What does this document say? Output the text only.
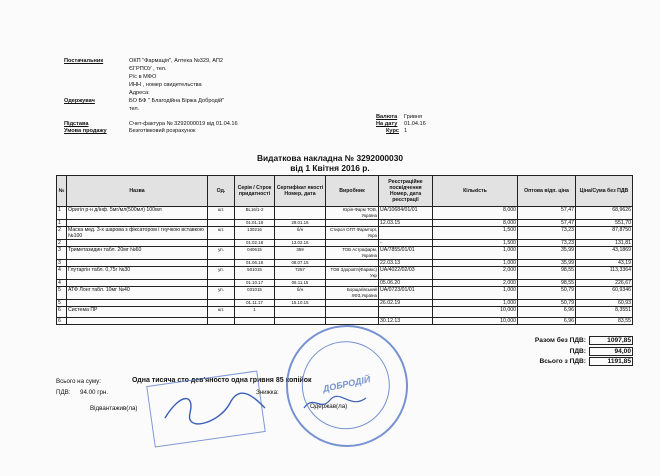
Постачальник	ОКП "Фармація", Аптека №329, АП2
ЄГРПОУ , тел.
Р/с в МФО
ИНН , номер свидетельства
Адреса:
Одержувач	БО БФ " Благодійна Біржа Добродій"
тел.
Валюта Гривня
На дату 01.04.16
Курс 1
Підстава	Счет-фактура № 3292000019 від 01.04.16
Умова продажу	Безготівковий розрахунок
Видаткова накладна № 3292000030
від 1 Квітня 2016 р.
№	Назва	Од.	Серія / Строк придатності	Сертифікат якості Номер, дата	Виробник	Реєстраційне посвідчення Номер, дата реєстрації	Кількість	Оптова відп. ціна	Ціна/Сума без ПДВ
1	Оригіл р-н д/інф. 5мг/мл(500мл) 100мл	шт.	BL16/1-2		Юрія-Фарм ТОВ, Україна	UA/10684/01/01	8,000	57,47	68,9626
1			01.01.18	29.01.16		12.03.15	8,000	57,47	551,70
2	Маска мед. 3-х шарова з фіксатором і гнучкою вставкою №100	шт.	130216	б/н	Стирол ОПТ Фармторг, Укра		1,500	73,23	87,8750
2			01.02.18	13.02.16		-	1,500	73,23	131,81
3	Триметазидин табл. 20мг №60	уп.	040615	359	ТОВ Астрафарм, Україна	UA/7855/01/01	1,000	35,99	43,1869
3			01.06.18	08.07.15		22.03.13	1,000	35,99	43,19
4	Глутаргін табл. 0,75г №30	уп.	501015	7257	ТОВ Здоров'я(Фармкс) Укр	UA/4022/02/03	2,000	98,55	113,3364
4			01.10.17	06.11.15		05.06.20	2,000	98,55	226,67
5	АТФ Лонг табл. 10мг №40	уп.	031015	б/н	Борщагівський ХФЗ,Україна	UA/0723/01/01	1,000	50,79	60,9346
5			01.11.17	15.10.15		26.02.19	1,000	50,79	60,93
6	Система ПР	шт.	1				10,000	6,96	8,3551
6						30.12.13	10,000	6,96	83,55
Разом без ПДВ:	1097,85
ПДВ:	94,00
Всього з ПДВ:	1191,85
Всього на суму:	Одна тисяча сто дев'яносто одна гривня 85 копійок
ПДВ: 94.00 грн.	Знижка:
Відвантажив(ла)	Одержав(ла)
ДОБРОДІЙ
